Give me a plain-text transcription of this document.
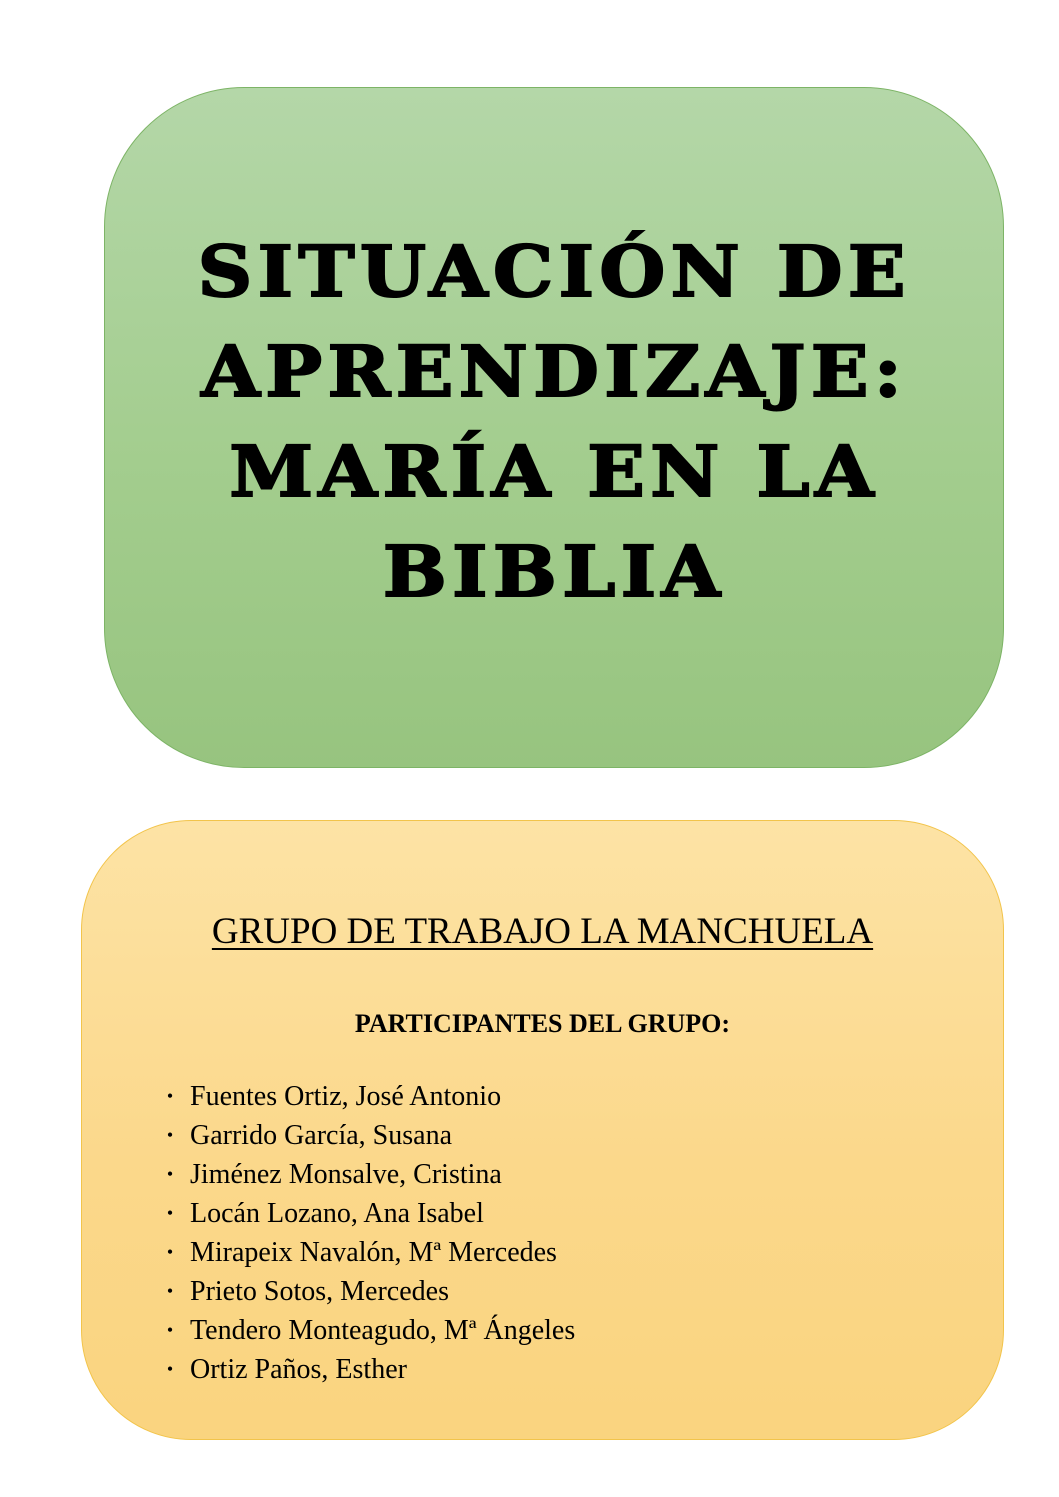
SITUACIÓN DE
APRENDIZAJE:
MARÍA EN LA
BIBLIA
GRUPO DE TRABAJO LA MANCHUELA
PARTICIPANTES DEL GRUPO:
• Fuentes Ortiz, José Antonio
• Garrido García, Susana
• Jiménez Monsalve, Cristina
• Locán Lozano, Ana Isabel
• Mirapeix Navalón, Mª Mercedes
• Prieto Sotos, Mercedes
• Tendero Monteagudo, Mª Ángeles
• Ortiz Paños, Esther
